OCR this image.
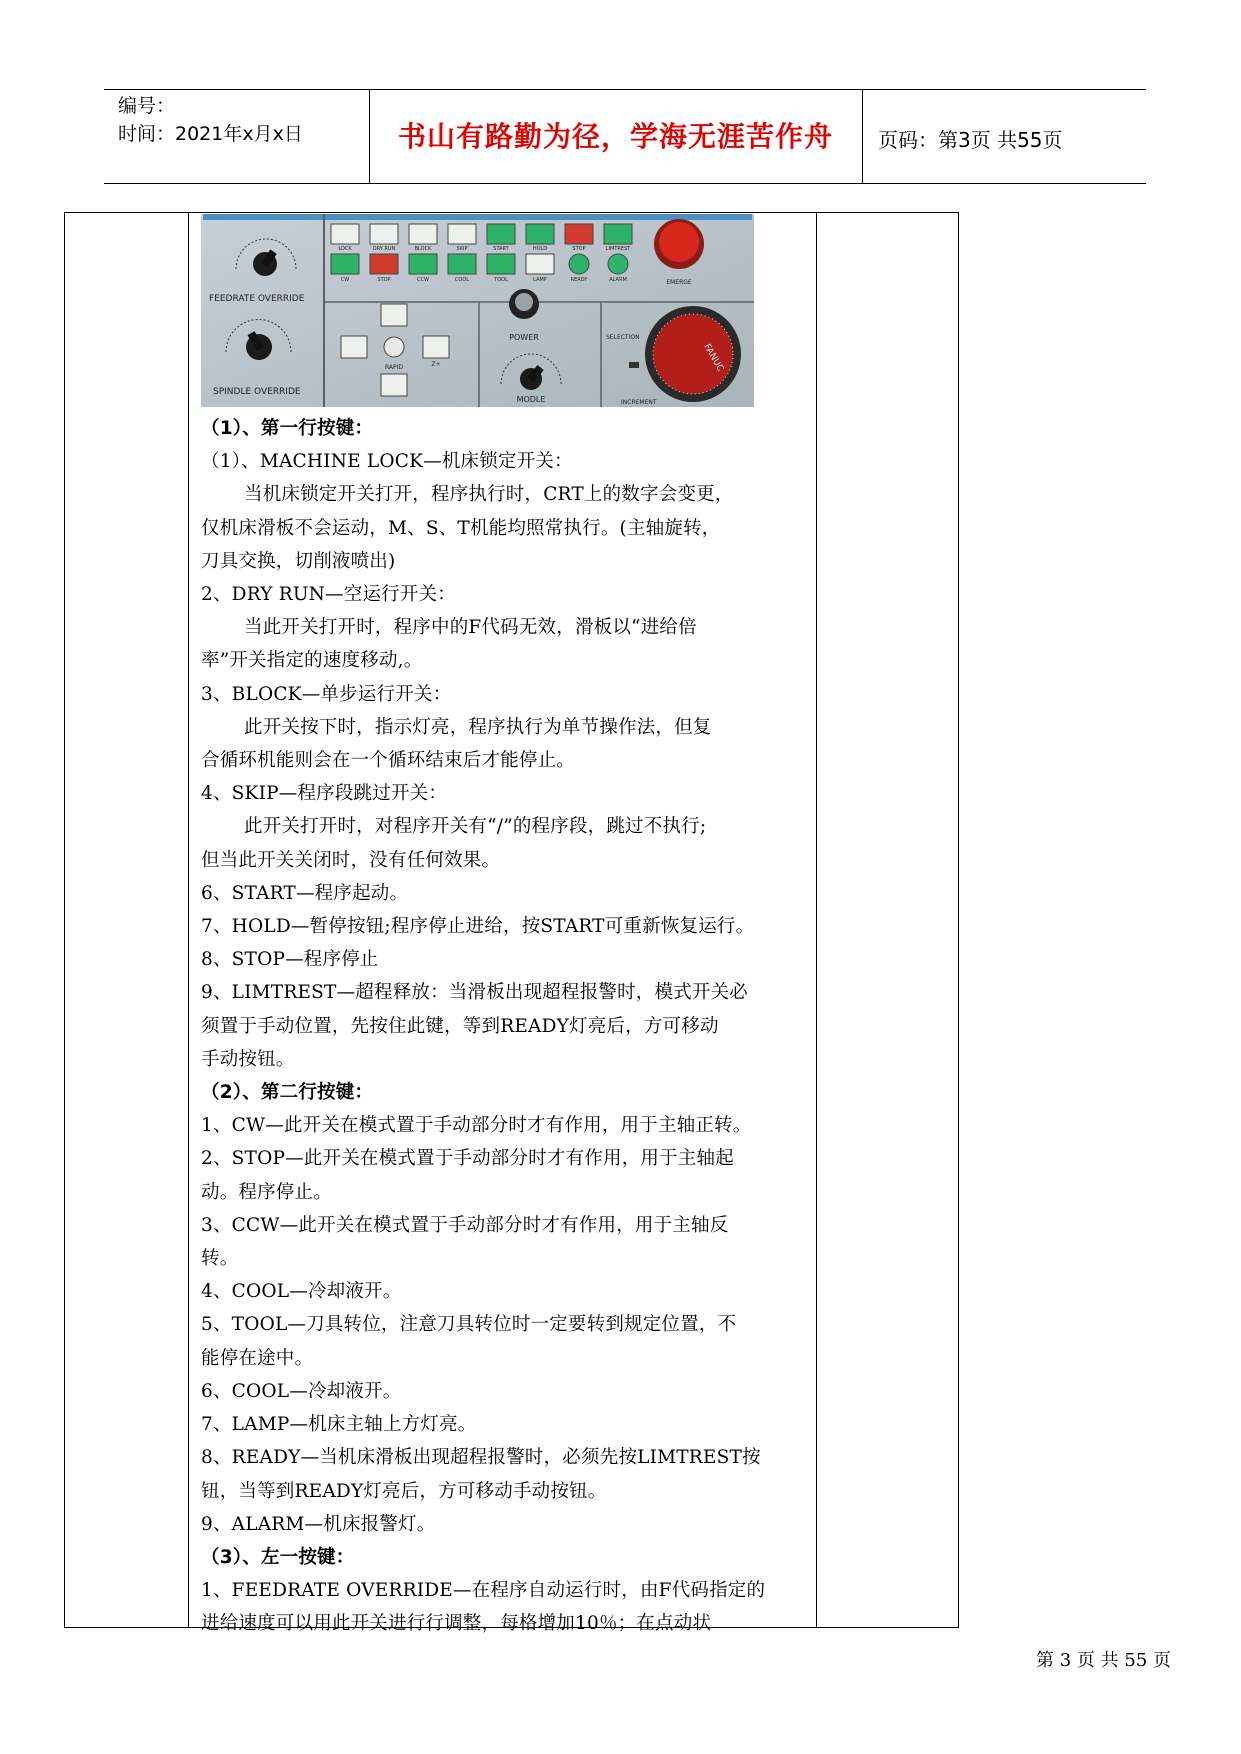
编号：
时间：2021年x月x日	书山有路勤为径，学海无涯苦作舟	页码：第3页 共55页
EMERGE
FEEDRATE OVERRIDE
SPINDLE OVERRIDE
RAPID	Z+
POWER
MODLE
FANUC
SELECTION
INCREMENT
LOCK	DRY RUN	BLOCK	SKIP	START	HOLD	STOP	LIMTREST
CW	STOP	CCW	COOL	TOOL	LAMP	READY	ALARM

（1）、第一行按键：

（1）、MACHINE LOCK—机床锁定开关：

当机床锁定开关打开，程序执行时，CRT上的数字会变更，

仅机床滑板不会运动，M、S、T机能均照常执行。(主轴旋转，

刀具交换，切削液喷出)

2、DRY RUN—空运行开关：

当此开关打开时，程序中的F代码无效，滑板以“进给倍

率”开关指定的速度移动,。

3、BLOCK—单步运行开关：

此开关按下时，指示灯亮，程序执行为单节操作法，但复

合循环机能则会在一个循环结束后才能停止。

4、SKIP—程序段跳过开关：

此开关打开时，对程序开关有“/”的程序段，跳过不执行;

但当此开关关闭时，没有任何效果。

6、START—程序起动。

7、HOLD—暂停按钮;程序停止进给，按START可重新恢复运行。

8、STOP—程序停止

9、LIMTREST—超程释放：当滑板出现超程报警时，模式开关必

须置于手动位置，先按住此键，等到READY灯亮后，方可移动

手动按钮。

（2）、第二行按键：

1、CW—此开关在模式置于手动部分时才有作用，用于主轴正转。

2、STOP—此开关在模式置于手动部分时才有作用，用于主轴起

动。程序停止。

3、CCW—此开关在模式置于手动部分时才有作用，用于主轴反

转。

4、COOL—冷却液开。

5、TOOL—刀具转位，注意刀具转位时一定要转到规定位置，不

能停在途中。

6、COOL—冷却液开。

7、LAMP—机床主轴上方灯亮。

8、READY—当机床滑板出现超程报警时，必须先按LIMTREST按

钮，当等到READY灯亮后，方可移动手动按钮。

9、ALARM—机床报警灯。

（3）、左一按键：

1、FEEDRATE OVERRIDE—在程序自动运行时，由F代码指定的

进给速度可以用此开关进行行调整，每格增加10％；在点动状

第 3 页 共 55 页
